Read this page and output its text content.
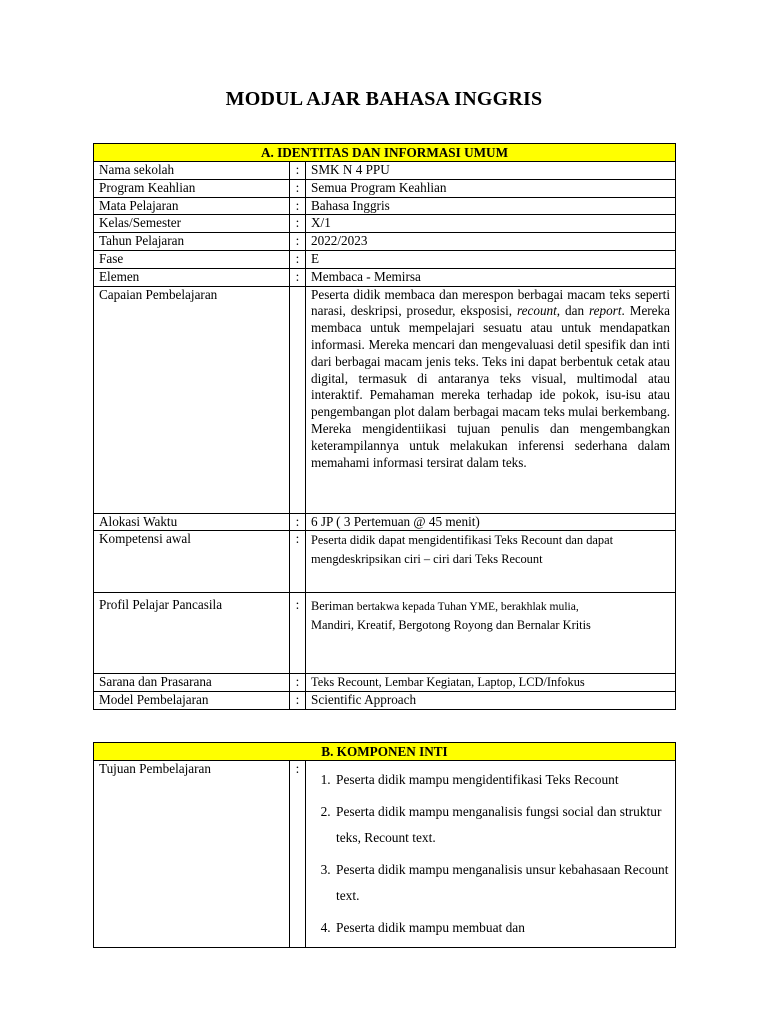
MODUL AJAR BAHASA INGGRIS
A. IDENTITAS DAN INFORMASI UMUM		
Nama sekolah	:	SMK N 4 PPU
Program Keahlian	:	Semua Program Keahlian
Mata Pelajaran	:	Bahasa Inggris
Kelas/Semester	:	X/1
Tahun Pelajaran	:	2022/2023
Fase	:	E
Elemen	:	Membaca - Memirsa
Capaian Pembelajaran		Peserta didik membaca dan merespon berbagai macam teks seperti narasi, deskripsi, prosedur, eksposisi, recount, dan report. Mereka membaca untuk mempelajari sesuatu atau untuk mendapatkan informasi. Mereka mencari dan mengevaluasi detil spesifik dan inti dari berbagai macam jenis teks. Teks ini dapat berbentuk cetak atau digital, termasuk di antaranya teks visual, multimodal atau interaktif. Pemahaman mereka terhadap ide pokok, isu-isu atau pengembangan plot dalam berbagai macam teks mulai berkembang. Mereka mengidentiikasi tujuan penulis dan mengembangkan keterampilannya untuk melakukan inferensi sederhana dalam memahami informasi tersirat dalam teks.
Alokasi Waktu	:	6 JP ( 3 Pertemuan @ 45 menit)
Kompetensi awal	:	Peserta didik dapat mengidentifikasi Teks Recount dan dapat mengdeskripsikan ciri – ciri dari Teks Recount
Profil Pelajar Pancasila	:	Beriman bertakwa kepada Tuhan YME, berakhlak mulia,
Mandiri, Kreatif, Bergotong Royong dan Bernalar Kritis
Sarana dan Prasarana	:	Teks Recount, Lembar Kegiatan, Laptop, LCD/Infokus
Model Pembelajaran	:	Scientific Approach
B. KOMPONEN INTI
Tujuan Pembelajaran	:	
1. Peserta didik mampu mengidentifikasi Teks Recount
2. Peserta didik mampu menganalisis fungsi social dan struktur teks, Recount text.
3. Peserta didik mampu menganalisis unsur kebahasaan Recount text.
4. Peserta didik mampu membuat dan
